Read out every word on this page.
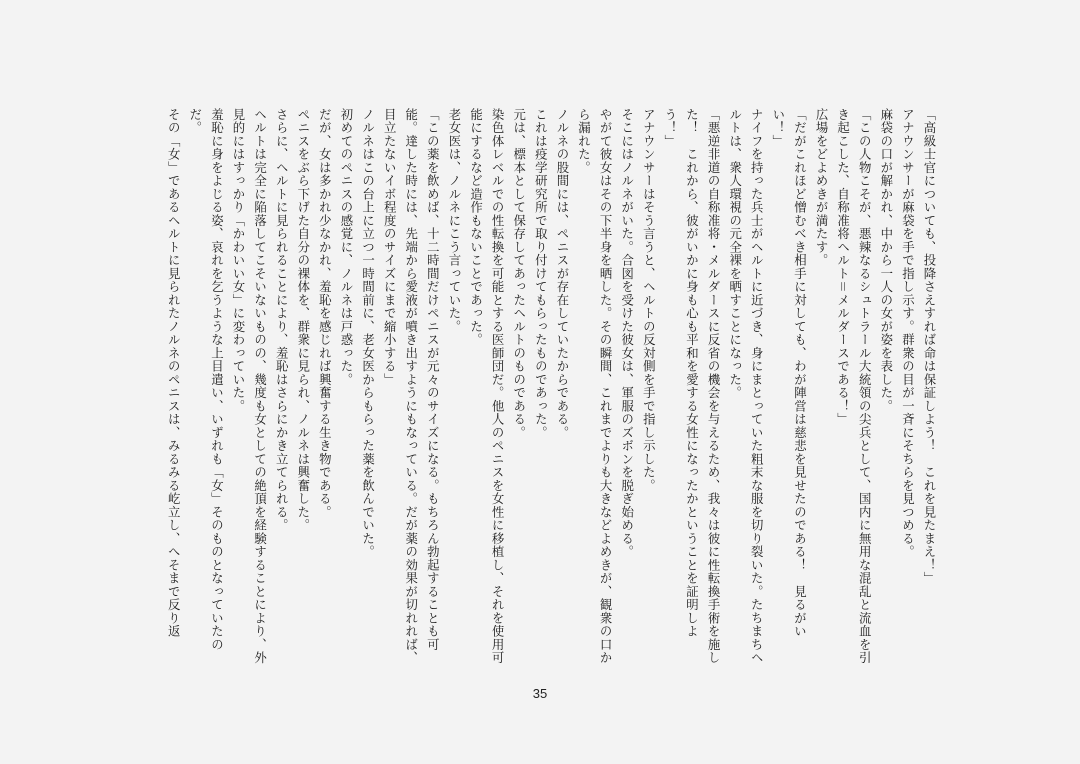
「高級士官についても、投降さえすれば命は保証しよう！　これを見たまえ！」

アナウンサーが麻袋を手で指し示す。群衆の目が一斉にそちらを見つめる。

麻袋の口が解かれ、中から一人の女が姿を表した。

「この人物こそが、悪辣なるシュトラール大統領の尖兵として、国内に無用な混乱と流血を引き起こした、自称准将ヘルト＝メルダースである！」

広場をどよめきが満たす。

「だがこれほど憎むべき相手に対しても、わが陣営は慈悲を見せたのである！　見るがいい！」

ナイフを持った兵士がヘルトに近づき、身にまとっていた粗末な服を切り裂いた。たちまちヘルトは、衆人環視の元全裸を晒すことになった。

「悪逆非道の自称准将・メルダースに反省の機会を与えるため、我々は彼に性転換手術を施した！　これから、彼がいかに身も心も平和を愛する女性になったかということを証明しよう！」

アナウンサーはそう言うと、ヘルトの反対側を手で指し示した。

そこにはノルネがいた。合図を受けた彼女は、軍服のズボンを脱ぎ始める。

やがて彼女はその下半身を晒した。その瞬間、これまでよりも大きなどよめきが、観衆の口から漏れた。

ノルネの股間には、ペニスが存在していたからである。

これは疫学研究所で取り付けてもらったものであった。

元は、標本として保存してあったヘルトのものである。

染色体レベルでの性転換を可能とする医師団だ。他人のペニスを女性に移植し、それを使用可能にするなど造作もないことであった。

老女医は、ノルネにこう言っていた。

「この薬を飲めば、十二時間だけペニスが元々のサイズになる。もちろん勃起することも可能。達した時には、先端から愛液が噴き出すようにもなっている。だが薬の効果が切れれば、目立たないイボ程度のサイズにまで縮小する」

ノルネはこの台上に立つ一時間前に、老女医からもらった薬を飲んでいた。

初めてのペニスの感覚に、ノルネは戸惑った。

だが、女は多かれ少なかれ、羞恥を感じれば興奮する生き物である。

ペニスをぶら下げた自分の裸体を、群衆に見られ、ノルネは興奮した。

さらに、ヘルトに見られることにより、羞恥はさらにかき立てられる。

ヘルトは完全に陥落してこそいないものの、幾度も女としての絶頂を経験することにより、外見的にはすっかり「かわいい女」に変わっていた。

羞恥に身をよじる姿、哀れを乞うような上目遣い、いずれも「女」そのものとなっていたのだ。

その「女」であるヘルトに見られたノルネのペニスは、みるみる屹立し、へそまで反り返

35
